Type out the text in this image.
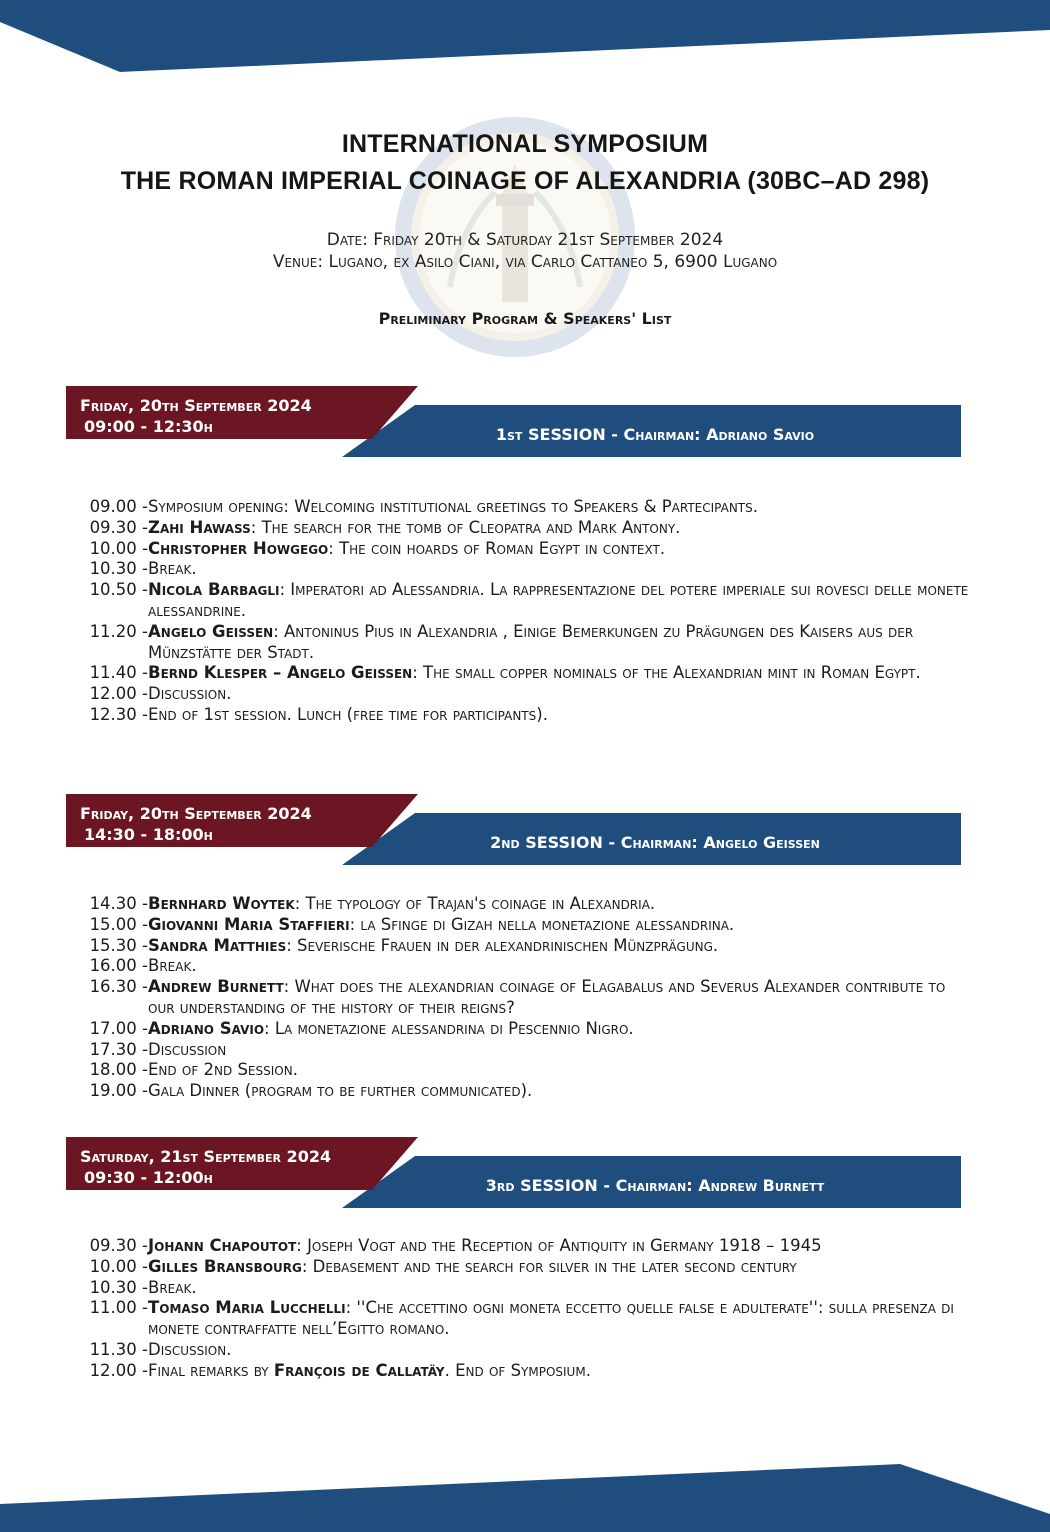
INTERNATIONAL SYMPOSIUM
THE ROMAN IMPERIAL COINAGE OF ALEXANDRIA (30BC–AD 298)
Date: Friday 20th & Saturday 21st September 2024
Venue: Lugano, ex Asilo Ciani, via Carlo Cattaneo 5, 6900 Lugano
Preliminary Program & Speakers' List
Friday, 20th September 2024
09:00 - 12:30h	1st SESSION - Chairman: Adriano Savio
09.00 - Symposium opening: Welcoming institutional greetings to Speakers & Partecipants.
09.30 - Zahi Hawass: The search for the tomb of Cleopatra and Mark Antony.
10.00 - Christopher Howgego: The coin hoards of Roman Egypt in context.
10.30 - Break.
10.50 - Nicola Barbagli: Imperatori ad Alessandria. La rappresentazione del potere imperiale sui rovesci delle monete alessandrine.
11.20 - Angelo Geissen: Antoninus Pius in Alexandria , Einige Bemerkungen zu Prägungen des Kaisers aus der Münzstätte der Stadt.
11.40 - Bernd Klesper – Angelo Geissen: The small copper nominals of the Alexandrian mint in Roman Egypt.
12.00 - Discussion.
12.30 - End of 1st session. Lunch (free time for participants).
Friday, 20th September 2024
14:30 - 18:00h	2nd SESSION - Chairman: Angelo Geissen
14.30 - Bernhard Woytek: The typology of Trajan's coinage in Alexandria.
15.00 - Giovanni Maria Staffieri: la Sfinge di Gizah nella monetazione alessandrina.
15.30 - Sandra Matthies: Severische Frauen in der alexandrinischen Münzprägung.
16.00 - Break.
16.30 - Andrew Burnett: What does the alexandrian coinage of Elagabalus and Severus Alexander contribute to our understanding of the history of their reigns?
17.00 - Adriano Savio: La monetazione alessandrina di Pescennio Nigro.
17.30 - Discussion
18.00 - End of 2nd Session.
19.00 - Gala Dinner (program to be further communicated).
Saturday, 21st September 2024
09:30 - 12:00h	3rd SESSION - Chairman: Andrew Burnett
09.30 - Johann Chapoutot: Joseph Vogt and the Reception of Antiquity in Germany 1918 – 1945
10.00 - Gilles Bransbourg: Debasement and the search for silver in the later second century
10.30 - Break.
11.00 - Tomaso Maria Lucchelli: ''Che accettino ogni moneta eccetto quelle false e adulterate'': sulla presenza di monete contraffatte nell’Egitto romano.
11.30 - Discussion.
12.00 - Final remarks by François de Callatäy. End of Symposium.
